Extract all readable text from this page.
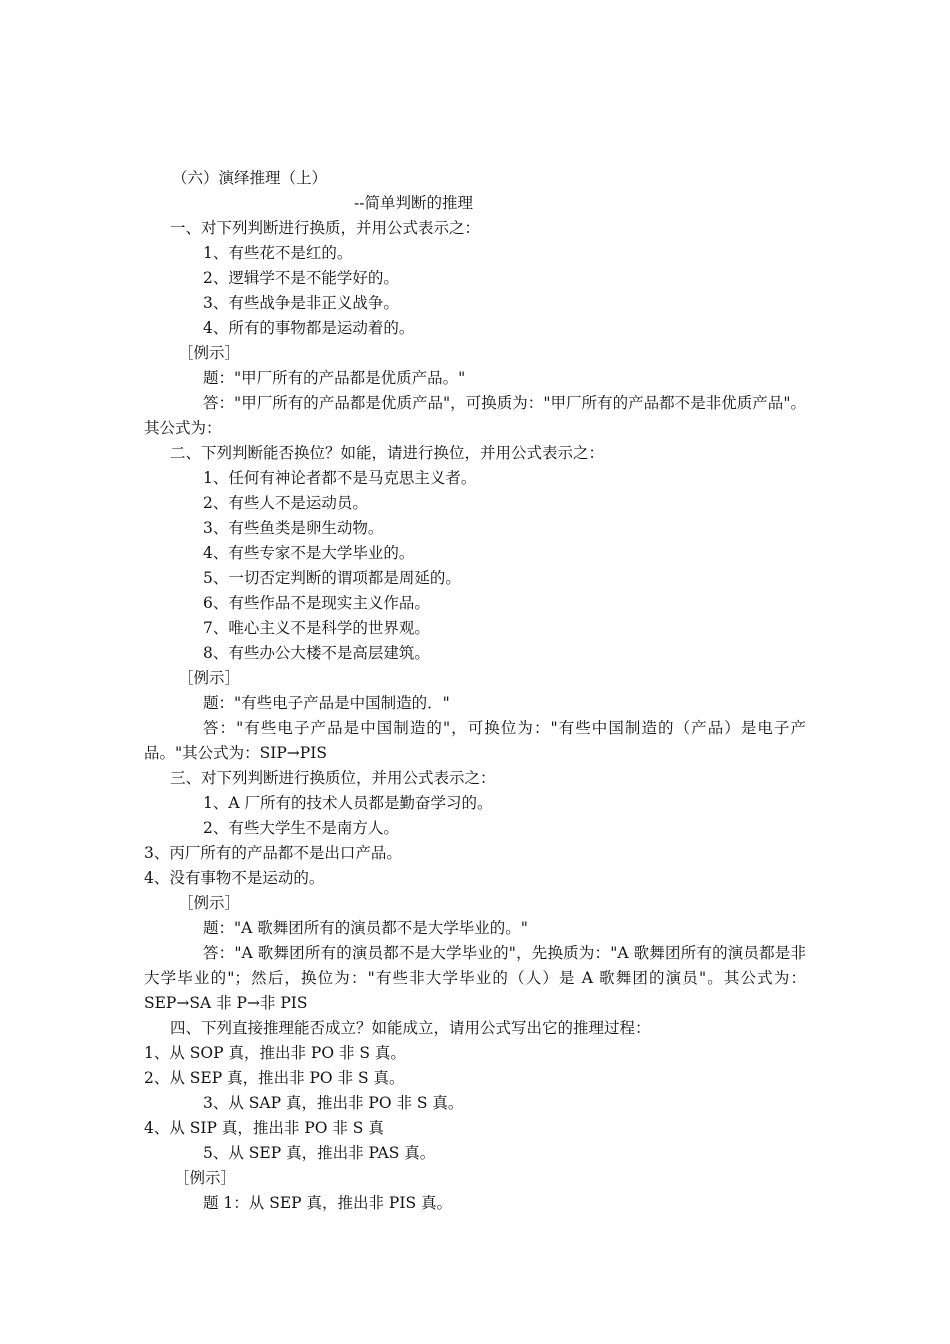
（六）演绎推理（上）
--简单判断的推理
一、对下列判断进行换质，并用公式表示之：
1、有些花不是红的。
2、逻辑学不是不能学好的。
3、有些战争是非正义战争。
4、所有的事物都是运动着的。
［例示］
题："甲厂所有的产品都是优质产品。"
答："甲厂所有的产品都是优质产品"，可换质为："甲厂所有的产品都不是非优质产品"。其公式为：
二、下列判断能否换位？如能，请进行换位，并用公式表示之：
1、任何有神论者都不是马克思主义者。
2、有些人不是运动员。
3、有些鱼类是卵生动物。
4、有些专家不是大学毕业的。
5、一切否定判断的谓项都是周延的。
6、有些作品不是现实主义作品。
7、唯心主义不是科学的世界观。
8、有些办公大楼不是高层建筑。
［例示］
题："有些电子产品是中国制造的．"
答："有些电子产品是中国制造的"，可换位为："有些中国制造的（产品）是电子产品。"其公式为：SIP→PIS
三、对下列判断进行换质位，并用公式表示之：
1、A 厂所有的技术人员都是勤奋学习的。
2、有些大学生不是南方人。
3、丙厂所有的产品都不是出口产品。
4、没有事物不是运动的。
［例示］
题："A 歌舞团所有的演员都不是大学毕业的。"
答："A 歌舞团所有的演员都不是大学毕业的"，先换质为："A 歌舞团所有的演员都是非大学毕业的"；然后，换位为："有些非大学毕业的（人）是 A 歌舞团的演员"。其公式为：SEP→SA 非 P→非 PIS
四、下列直接推理能否成立？如能成立，请用公式写出它的推理过程：
1、从 SOP 真，推出非 PO 非 S 真。
2、从 SEP 真，推出非 PO 非 S 真。
3、从 SAP 真，推出非 PO 非 S 真。
4、从 SIP 真，推出非 PO 非 S 真
5、从 SEP 真，推出非 PAS 真。
［例示］
题 1：从 SEP 真，推出非 PIS 真。
